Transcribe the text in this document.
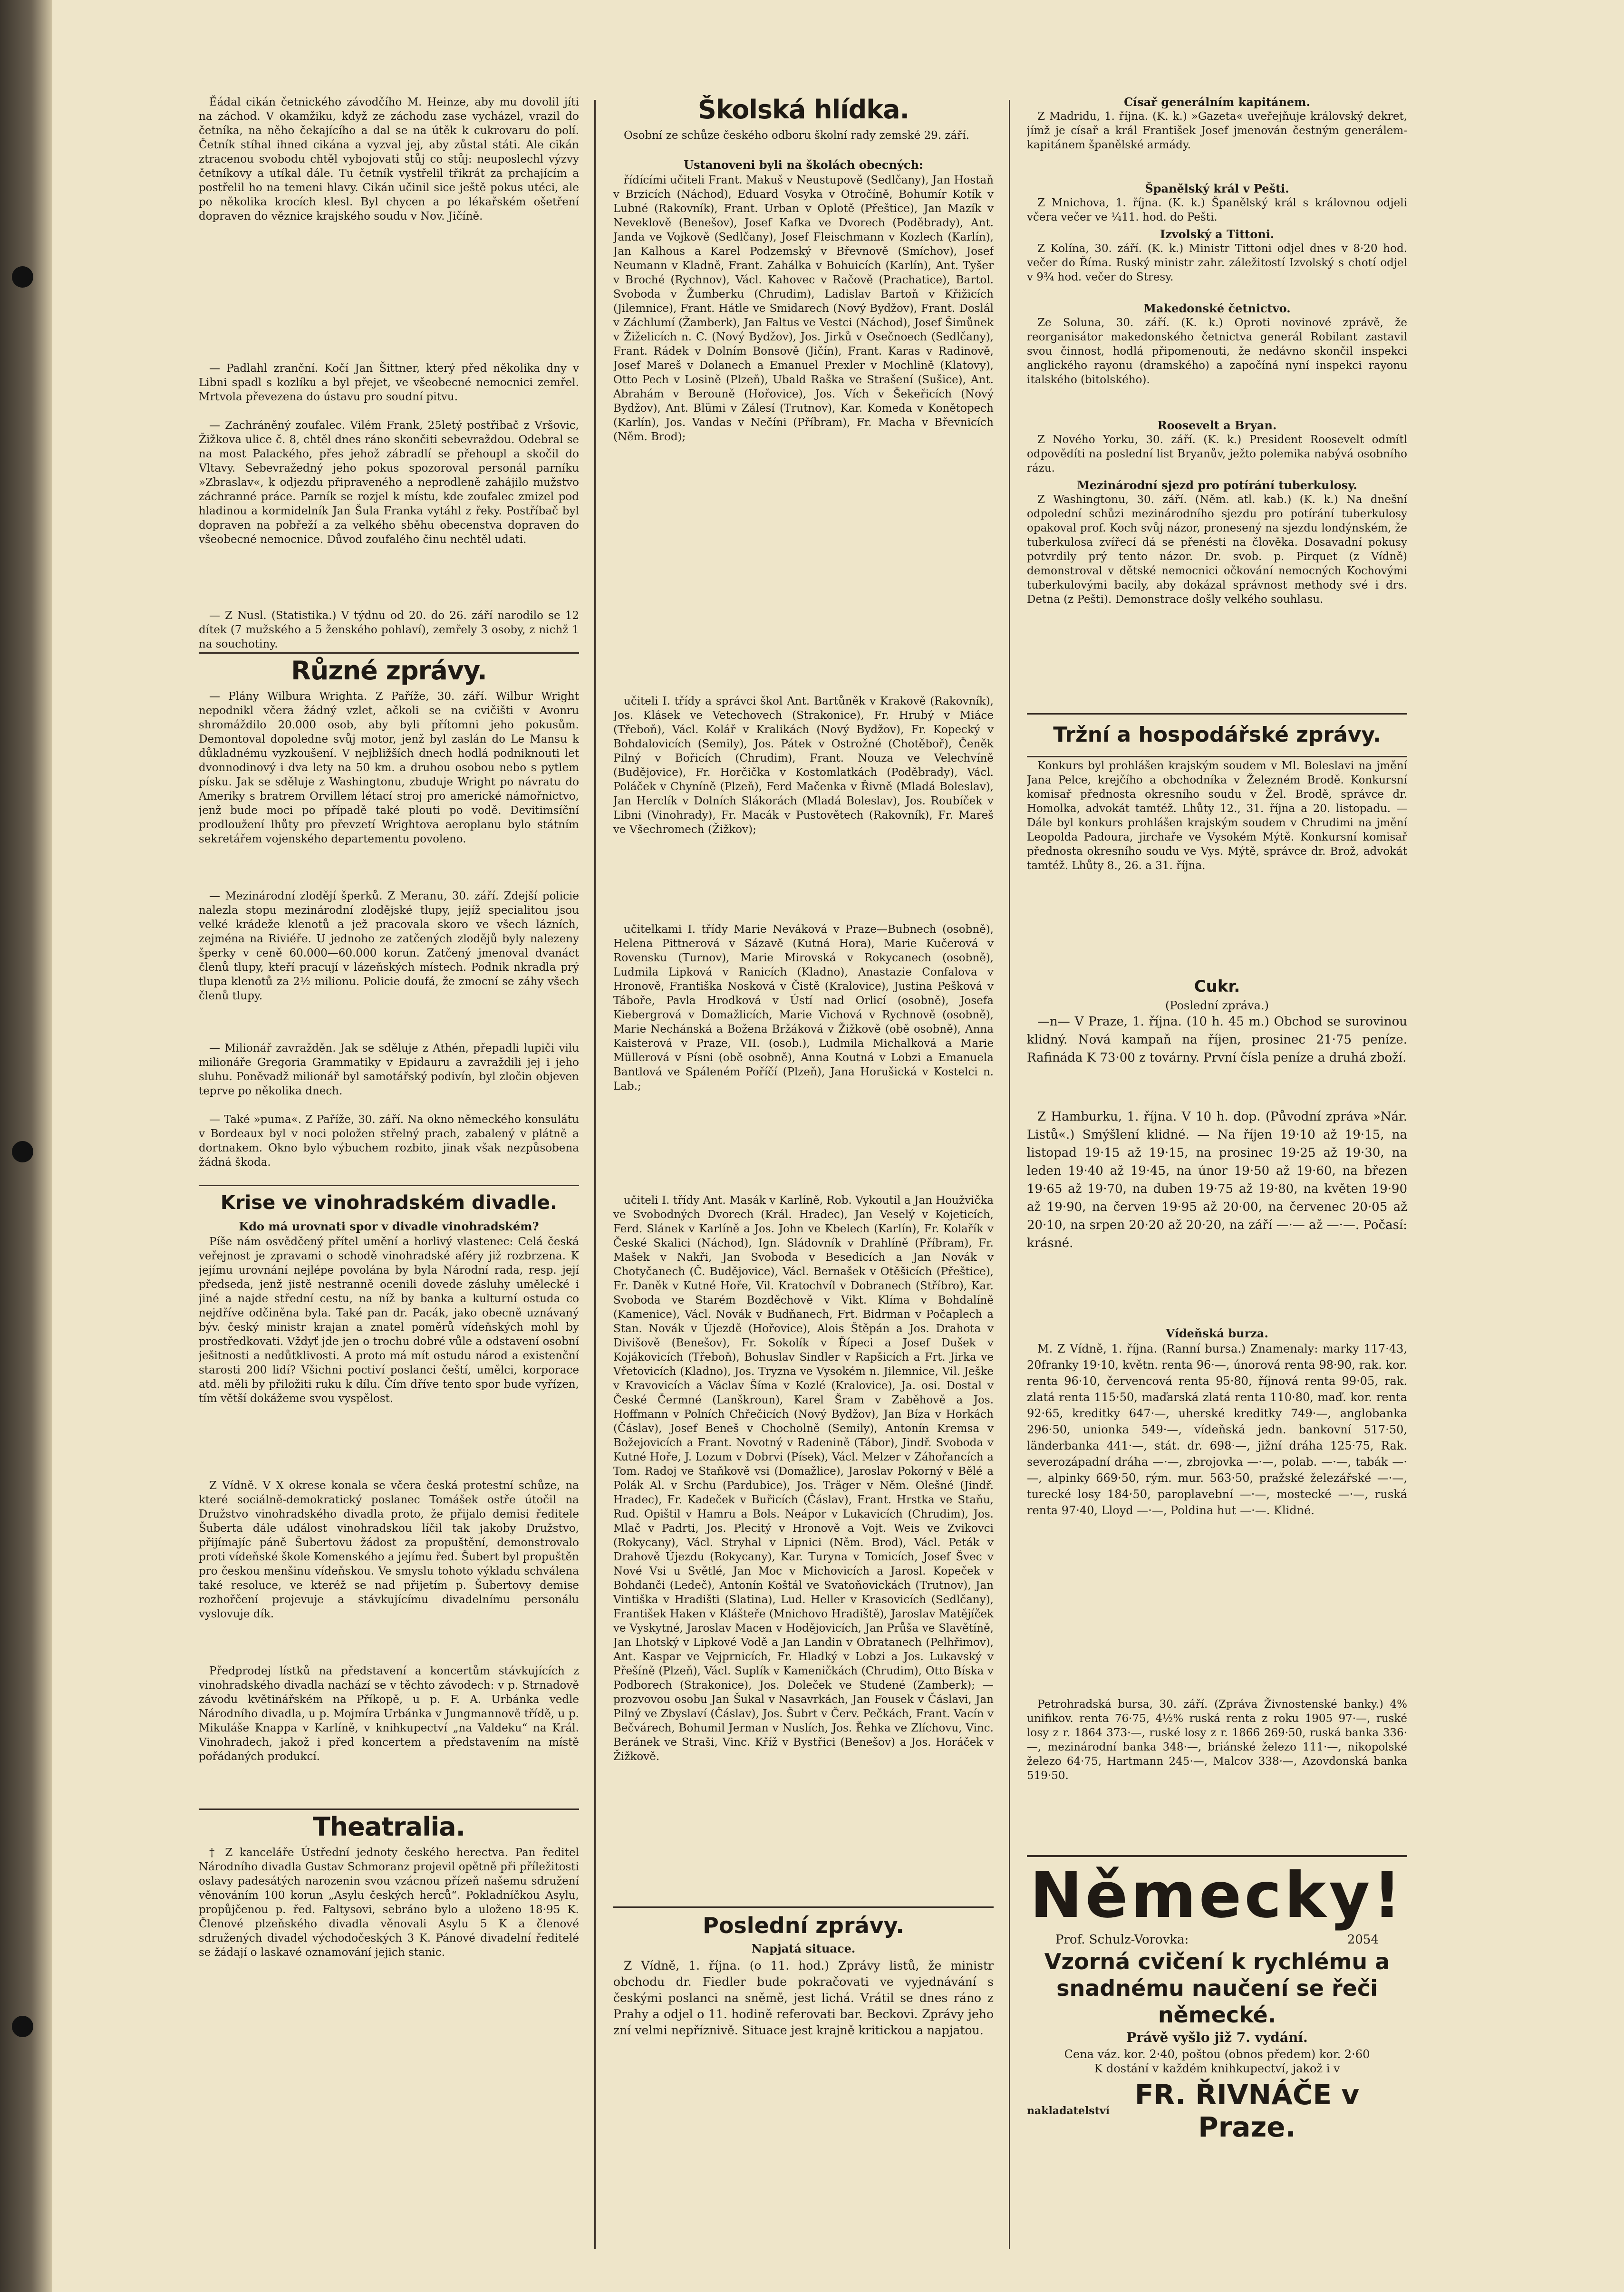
Ěádal cikán četnického závodčího M. Heinze, aby mu dovolil jíti na záchod. V okamžiku, když ze záchodu zase vycházel, vrazil do četníka, na něho čekajícího a dal se na útěk k cukrovaru do polí. Četník stíhal ihned cikána a vyzval jej, aby zůstal státi. Ale cikán ztracenou svobodu chtěl vybojovati stůj co stůj: neuposlechl výzvy četníkovy a utíkal dále. Tu četník vystřelil třikrát za prchajícím a postřelil ho na temeni hlavy. Cikán učinil sice ještě pokus utéci, ale po několika krocích klesl. Byl chycen a po lékařském ošetření dopraven do věznice krajského soudu v Nov. Jičíně.

— Padlahl zranční. Kočí Jan Šittner, který před několika dny v Libni spadl s kozlíku a byl přejet, ve všeobecné nemocnici zemřel. Mrtvola převezena do ústavu pro soudní pitvu.

— Zachráněný zoufalec. Vilém Frank, 25letý postřibač z Vršovic, Žižkova ulice č. 8, chtěl dnes ráno skončiti sebevraždou. Odebral se na most Palackého, přes jehož zábradlí se přehoupl a skočil do Vltavy. Sebevražedný jeho pokus spozoroval personál parníku »Zbraslav«, k odjezdu připraveného a neprodleně zahájilo mužstvo záchranné práce. Parník se rozjel k místu, kde zoufalec zmizel pod hladinou a kormidelník Jan Šula Franka vytáhl z řeky. Postříbač byl dopraven na pobřeží a za velkého sběhu obecenstva dopraven do všeobecné nemocnice. Důvod zoufalého činu nechtěl udati.

— Z Nusl. (Statistika.) V týdnu od 20. do 26. září narodilo se 12 dítek (7 mužského a 5 ženského pohlaví), zemřely 3 osoby, z nichž 1 na souchotiny.

Různé zprávy.

— Plány Wilbura Wrighta. Z Paříže, 30. září. Wilbur Wright nepodnikl včera žádný vzlet, ačkoli se na cvičišti v Avonru shromáždilo 20.000 osob, aby byli přítomni jeho pokusům. Demontoval dopoledne svůj motor, jenž byl zaslán do Le Mansu k důkladnému vyzkoušení. V nejbližších dnech hodlá podniknouti let dvonnodinový i dva lety na 50 km. a druhou osobou nebo s pytlem písku. Jak se sděluje z Washingtonu, zbuduje Wright po návratu do Ameriky s bratrem Orvillem létací stroj pro americké námořnictvo, jenž bude moci po případě také plouti po vodě. Devitimsíční prodloužení lhůty pro převzetí Wrightova aeroplanu bylo státním sekretářem vojenského departementu povoleno.

— Mezinárodní zlodějí šperků. Z Meranu, 30. září. Zdejší policie nalezla stopu mezinárodní zlodějské tlupy, jejíž specialitou jsou velké krádeže klenotů a jež pracovala skoro ve všech lázních, zejména na Riviéře. U jednoho ze zatčených zlodějů byly nalezeny šperky v ceně 60.000—60.000 korun. Zatčený jmenoval dvanáct členů tlupy, kteří pracují v lázeňských místech. Podnik nkradla prý tlupa klenotů za 2½ milionu. Policie doufá, že zmocní se záhy všech členů tlupy.

— Milionář zavražděn. Jak se sděluje z Athén, přepadli lupiči vilu milionáře Gregoria Grammatiky v Epidauru a zavraždili jej i jeho sluhu. Poněvadž milionář byl samotářský podivín, byl zločin objeven teprve po několika dnech.

— Také »puma«. Z Paříže, 30. září. Na okno německého konsulátu v Bordeaux byl v noci položen střelný prach, zabalený v plátně a dortnakem. Okno bylo výbuchem rozbito, jinak však nezpůsobena žádná škoda.

Krise ve vinohradském divadle.

Kdo má urovnati spor v divadle vinohradském?

Píše nám osvědčený přítel umění a horlivý vlastenec: Celá česká veřejnost je zpravami o schodě vinohradské aféry již rozbrzena. K jejímu urovnání nejlépe povolána by byla Národní rada, resp. její předseda, jenž jistě nestranně ocenili dovede zásluhy umělecké i jiné a najde střední cestu, na níž by banka a kulturní ostuda co nejdříve odčiněna byla. Také pan dr. Pacák, jako obecně uznávaný býv. český ministr krajan a znatel poměrů vídeňských mohl by prostředkovati. Vždyť jde jen o trochu dobré vůle a odstavení osobní ješitnosti a nedůtklivosti. A proto má mít ostudu národ a existenční starosti 200 lidí? Všichni poctiví poslanci čeští, umělci, korporace atd. měli by přiložiti ruku k dílu. Čím dříve tento spor bude vyřízen, tím větší dokážeme svou vyspělost.

Z Vídně. V X okrese konala se včera česká protestní schůze, na které sociálně-demokratický poslanec Tomášek ostře útočil na Družstvo vinohradského divadla proto, že přijalo demisi ředitele Šuberta dále událost vinohradskou líčil tak jakoby Družstvo, přijímajíc páně Šubertovu žádost za propuštění, demonstrovalo proti vídeňské škole Komenského a jejímu řed. Šubert byl propuštěn pro českou menšinu vídeňskou. Ve smyslu tohoto výkladu schválena také resoluce, ve kteréž se nad přijetím p. Šubertovy demise rozhořčení projevuje a stávkujícímu divadelnímu personálu vyslovuje dík.

Předprodej lístků na představení a koncertům stávkujících z vinohradského divadla nachází se v těchto závodech: v p. Strnadově závodu květinářském na Příkopě, u p. F. A. Urbánka vedle Národního divadla, u p. Mojmíra Urbánka v Jungmannově třídě, u p. Mikuláše Knappa v Karlíně, v knihkupectví „na Valdeku“ na Král. Vinohradech, jakož i před koncertem a představením na místě pořádaných produkcí.

Theatralia.

† Z kanceláře Ústřední jednoty českého herectva. Pan ředitel Národního divadla Gustav Schmoranz projevil opětně při příležitosti oslavy padesátých narozenin svou vzácnou přízeň našemu sdružení věnováním 100 korun „Asylu českých herců“. Pokladníčkou Asylu, propůjčenou p. řed. Faltysovi, sebráno bylo a uloženo 18·95 K. Členové plzeňského divadla věnovali Asylu 5 K a členové sdružených divadel východočeských 3 K. Pánové divadelní ředitelé se žádají o laskavé oznamování jejich stanic.

Školská hlídka.

Osobní ze schůze českého odboru školní rady zemské 29. září.

Ustanoveni byli na školách obecných:

řídícími učiteli Frant. Makuš v Neustupově (Sedlčany), Jan Hostaň v Brzicích (Náchod), Eduard Vosyka v Otročíně, Bohumír Kotík v Lubné (Rakovník), Frant. Urban v Oplotě (Přeštice), Jan Mazík v Neveklově (Benešov), Josef Kafka ve Dvorech (Poděbrady), Ant. Janda ve Vojkově (Sedlčany), Josef Fleischmann v Kozlech (Karlín), Jan Kalhous a Karel Podzemský v Břevnově (Smíchov), Josef Neumann v Kladně, Frant. Zahálka v Bohuicích (Karlín), Ant. Tyšer v Broché (Rychnov), Václ. Kahovec v Račově (Prachatice), Bartol. Svoboda v Žumberku (Chrudim), Ladislav Bartoň v Křižicích (Jilemnice), Frant. Hátle ve Smidarech (Nový Bydžov), Frant. Doslál v Záchlumí (Žamberk), Jan Faltus ve Vestci (Náchod), Josef Šimůnek v Žiželicích n. C. (Nový Bydžov), Jos. Jirků v Osečnoech (Sedlčany), Frant. Rádek v Dolním Bonsově (Jičín), Frant. Karas v Radinově, Josef Mareš v Dolanech a Emanuel Prexler v Mochlině (Klatovy), Otto Pech v Losině (Plzeň), Ubald Raška ve Strašení (Sušice), Ant. Abrahám v Berouně (Hořovice), Jos. Vích v Šekeřicích (Nový Bydžov), Ant. Blümi v Zálesí (Trutnov), Kar. Komeda v Konětopech (Karlín), Jos. Vandas v Nečíni (Příbram), Fr. Macha v Břevnicích (Něm. Brod);

učiteli I. třídy a správci škol Ant. Bartůněk v Krakově (Rakovník), Jos. Klásek ve Vetechovech (Strakonice), Fr. Hrubý v Miáce (Třeboň), Václ. Kolář v Kralikách (Nový Bydžov), Fr. Kopecký v Bohdalovicích (Semily), Jos. Pátek v Ostrožné (Chotěboř), Čeněk Pilný v Bořicích (Chrudim), Frant. Nouza ve Velechvíně (Budějovice), Fr. Horčička v Kostomlatkách (Poděbrady), Václ. Poláček v Chyníně (Plzeň), Ferd Mačenka v Řivně (Mladá Boleslav), Jan Herclík v Dolních Slákorách (Mladá Boleslav), Jos. Roubíček v Libni (Vinohrady), Fr. Macák v Pustovětech (Rakovník), Fr. Mareš ve Všechromech (Žižkov);

učitelkami I. třídy Marie Neváková v Praze—Bubnech (osobně), Helena Pittnerová v Sázavě (Kutná Hora), Marie Kučerová v Rovensku (Turnov), Marie Mirovská v Rokycanech (osobně), Ludmila Lipková v Ranicích (Kladno), Anastazie Confalova v Hronově, Františka Nosková v Čistě (Kralovice), Justina Pešková v Táboře, Pavla Hrodková v Ústí nad Orlicí (osobně), Josefa Kiebergrová v Domažlicích, Marie Vichová v Rychnově (osobně), Marie Nechánská a Božena Bržáková v Žižkově (obě osobně), Anna Kaisterová v Praze, VII. (osob.), Ludmila Michalková a Marie Müllerová v Písni (obě osobně), Anna Koutná v Lobzi a Emanuela Bantlová ve Spáleném Poříčí (Plzeň), Jana Horušická v Kostelci n. Lab.;

učiteli I. třídy Ant. Masák v Karlíně, Rob. Vykoutil a Jan Houžvička ve Svobodných Dvorech (Král. Hradec), Jan Veselý v Kojeticích, Ferd. Slánek v Karlíně a Jos. John ve Kbelech (Karlín), Fr. Kolařík v České Skalici (Náchod), Ign. Sládovník v Drahlíně (Příbram), Fr. Mašek v Nakři, Jan Svoboda v Besedicích a Jan Novák v Chotyčanech (Č. Budějovice), Václ. Bernašek v Otěšicích (Přeštice), Fr. Daněk v Kutné Hoře, Vil. Kratochvíl v Dobranech (Stříbro), Kar. Svoboda ve Starém Bozděchově v Vikt. Klíma v Bohdalíně (Kamenice), Václ. Novák v Budňanech, Frt. Bidrman v Počaplech a Stan. Novák v Újezdě (Hořovice), Alois Štěpán a Jos. Drahota v Divišově (Benešov), Fr. Sokolík v Řípeci a Josef Dušek v Kojákovicích (Třeboň), Bohuslav Sindler v Rapšicích a Frt. Jirka ve Vřetovicích (Kladno), Jos. Tryzna ve Vysokém n. Jilemnice, Vil. Ješke v Kravovicích a Václav Šíma v Kozlé (Kralovice), Ja. osi. Dostal v České Čermné (Lanškroun), Karel Šram v Zaběhově a Jos. Hoffmann v Polních Chřečicích (Nový Bydžov), Jan Bíza v Horkách (Čáslav), Josef Beneš v Chocholně (Semily), Antonín Kremsa v Božejovicích a Frant. Novotný v Radenině (Tábor), Jindř. Svoboda v Kutné Hoře, J. Lozum v Dobrvi (Písek), Václ. Melzer v Záhořancích a Tom. Radoj ve Staňkově vsi (Domažlice), Jaroslav Pokorný v Bělé a Polák Al. v Srchu (Pardubice), Jos. Träger v Něm. Olešné (Jindř. Hradec), Fr. Kadeček v Buřicích (Čáslav), Frant. Hrstka ve Staňu, Rud. Opištil v Hamru a Bols. Neápor v Lukavicích (Chrudim), Jos. Mlač v Padrti, Jos. Plecitý v Hronově a Vojt. Weis ve Zvikovci (Rokycany), Václ. Stryhal v Lipnici (Něm. Brod), Václ. Peták v Drahově Újezdu (Rokycany), Kar. Turyna v Tomicích, Josef Švec v Nové Vsi u Světlé, Jan Moc v Michovicích a Jarosl. Kopeček v Bohdanči (Ledeč), Antonín Koštál ve Svatoňovickách (Trutnov), Jan Vintiška v Hradišti (Slatina), Lud. Heller v Krasovicích (Sedlčany), František Haken v Klášteře (Mnichovo Hradiště), Jaroslav Matějíček ve Vyskytné, Jaroslav Macen v Hodějovicích, Jan Průša ve Slavětíně, Jan Lhotský v Lipkové Vodě a Jan Landin v Obratanech (Pelhřimov), Ant. Kaspar ve Vejprnicích, Fr. Hladký v Lobzi a Jos. Lukavský v Přešíně (Plzeň), Václ. Suplík v Kameničkách (Chrudim), Otto Bíska v Podborech (Strakonice), Jos. Doleček ve Studené (Zamberk); — prozvovou osobu Jan Šukal v Nasavrkách, Jan Fousek v Čáslavi, Jan Pilný ve Zbyslaví (Čáslav), Jos. Šubrt v Červ. Pečkách, Frant. Vacín v Bečvárech, Bohumil Jerman v Nuslích, Jos. Řehka ve Zlíchovu, Vinc. Beránek ve Straši, Vinc. Kříž v Bystřici (Benešov) a Jos. Horáček v Žižkově.

Poslední zprávy.

Napjatá situace.

Z Vídně, 1. října. (o 11. hod.) Zprávy listů, že ministr obchodu dr. Fiedler bude pokračovati ve vyjednávání s českými poslanci na sněmě, jest lichá. Vrátil se dnes ráno z Prahy a odjel o 11. hodině referovati bar. Beckovi. Zprávy jeho zní velmi nepříznivě. Situace jest krajně kritickou a napjatou.

Císař generálním kapitánem.

Z Madridu, 1. října. (K. k.) »Gazeta« uveřejňuje královský dekret, jímž je císař a král František Josef jmenován čestným generálem-kapitánem španělské armády.

Španělský král v Pešti.

Z Mnichova, 1. října. (K. k.) Španělský král s královnou odjeli včera večer ve ¼11. hod. do Pešti.

Izvolský a Tittoni.

Z Kolína, 30. září. (K. k.) Ministr Tittoni odjel dnes v 8·20 hod. večer do Říma. Ruský ministr zahr. záležitostí Izvolský s chotí odjel v 9¾ hod. večer do Stresy.

Makedonské četnictvo.

Ze Soluna, 30. září. (K. k.) Oproti novinové zprávě, že reorganisátor makedonského četnictva generál Robilant zastavil svou činnost, hodlá připomenouti, že nedávno skončil inspekci anglického rayonu (dramského) a započíná nyní inspekci rayonu italského (bitolského).

Roosevelt a Bryan.

Z Nového Yorku, 30. září. (K. k.) President Roosevelt odmítl odpovědíti na poslední list Bryanův, ježto polemika nabývá osobního rázu.

Mezinárodní sjezd pro potírání tuberkulosy.

Z Washingtonu, 30. září. (Něm. atl. kab.) (K. k.) Na dnešní odpolední schůzi mezinárodního sjezdu pro potírání tuberkulosy opakoval prof. Koch svůj názor, pronesený na sjezdu londýnském, že tuberkulosa zvířecí dá se přenésti na člověka. Dosavadní pokusy potvrdily prý tento názor. Dr. svob. p. Pirquet (z Vídně) demonstroval v dětské nemocnici očkování nemocných Kochovými tuberkulovými bacily, aby dokázal správnost methody své i drs. Detna (z Pešti). Demonstrace došly velkého souhlasu.

Tržní a hospodářské zprávy.

Konkurs byl prohlášen krajským soudem v Ml. Boleslavi na jmění Jana Pelce, krejčího a obchodníka v Železném Brodě. Konkursní komisař přednosta okresního soudu v Žel. Brodě, správce dr. Homolka, advokát tamtéž. Lhůty 12., 31. října a 20. listopadu. — Dále byl konkurs prohlášen krajským soudem v Chrudimi na jmění Leopolda Padoura, jirchaře ve Vysokém Mýtě. Konkursní komisař přednosta okresního soudu ve Vys. Mýtě, správce dr. Brož, advokát tamtéž. Lhůty 8., 26. a 31. října.

Cukr.

(Poslední zpráva.)

—n— V Praze, 1. října. (10 h. 45 m.) Obchod se surovinou klidný. Nová kampaň na říjen, prosinec 21·75 peníze. Rafináda K 73·00 z továrny. První čísla peníze a druhá zboží.

Z Hamburku, 1. října. V 10 h. dop. (Původní zpráva »Nár. Listů«.) Smýšlení klidné. — Na říjen 19·10 až 19·15, na listopad 19·15 až 19·15, na prosinec 19·25 až 19·30, na leden 19·40 až 19·45, na únor 19·50 až 19·60, na březen 19·65 až 19·70, na duben 19·75 až 19·80, na květen 19·90 až 19·90, na červen 19·95 až 20·00, na červenec 20·05 až 20·10, na srpen 20·20 až 20·20, na září —·— až —·—. Počasí: krásné.

Vídeňská burza.

M. Z Vídně, 1. října. (Ranní bursa.) Znamenaly: marky 117·43, 20franky 19·10, květn. renta 96·—, únorová renta 98·90, rak. kor. renta 96·10, červencová renta 95·80, říjnová renta 99·05, rak. zlatá renta 115·50, maďarská zlatá renta 110·80, maď. kor. renta 92·65, kreditky 647·—, uherské kreditky 749·—, anglobanka 296·50, unionka 549·—, vídeňská jedn. bankovní 517·50, länderbanka 441·—, stát. dr. 698·—, jižní dráha 125·75, Rak. severozápadní dráha —·—, zbrojovka —·—, polab. —·—, tabák —·—, alpinky 669·50, rým. mur. 563·50, pražské železářské —·—, turecké losy 184·50, paroplavební —·—, mostecké —·—, ruská renta 97·40, Lloyd —·—, Poldina hut —·—. Klidné.

Petrohradská bursa, 30. září. (Zpráva Živnostenské banky.) 4% unifikov. renta 76·75, 4½% ruská renta z roku 1905 97·—, ruské losy z r. 1864 373·—, ruské losy z r. 1866 269·50, ruská banka 336·—, mezinárodní banka 348·—, briánské železo 111·—, nikopolské železo 64·75, Hartmann 245·—, Malcov 338·—, Azovdonská banka 519·50.

Německy!

Prof. Schulz-Vorovka:	2054

Vzorná cvičení k rychlému a snadnému naučení se řeči německé.

Právě vyšlo již 7. vydání.

Cena váz. kor. 2·40, poštou (obnos předem) kor. 2·60

K dostání v každém knihkupectví, jakož i v

nakladatelství FR. ŘIVNÁČE v Praze.
